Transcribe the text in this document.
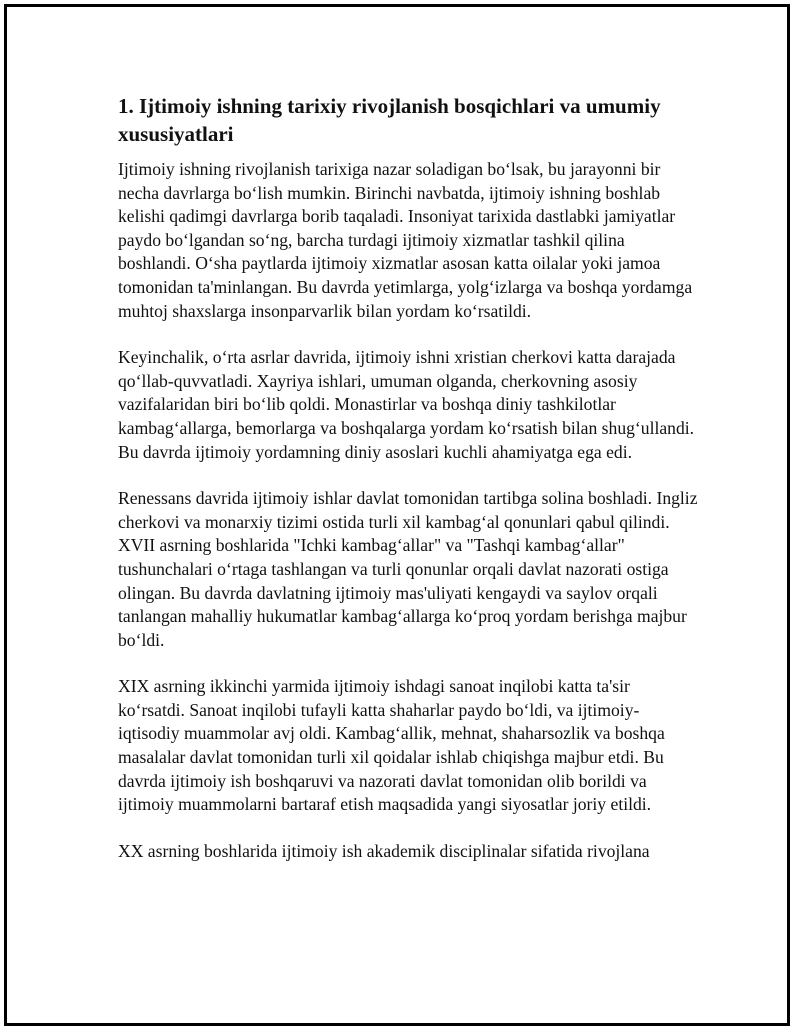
1. Ijtimoiy ishning tarixiy rivojlanish bosqichlari va umumiy xususiyatlari

Ijtimoiy ishning rivojlanish tarixiga nazar soladigan boʻlsak, bu jarayonni bir necha davrlarga boʻlish mumkin. Birinchi navbatda, ijtimoiy ishning boshlab kelishi qadimgi davrlarga borib taqaladi. Insoniyat tarixida dastlabki jamiyatlar paydo boʻlgandan soʻng, barcha turdagi ijtimoiy xizmatlar tashkil qilina boshlandi. Oʻsha paytlarda ijtimoiy xizmatlar asosan katta oilalar yoki jamoa tomonidan ta'minlangan. Bu davrda yetimlarga, yolgʻizlarga va boshqa yordamga muhtoj shaxslarga insonparvarlik bilan yordam koʻrsatildi.

Keyinchalik, oʻrta asrlar davrida, ijtimoiy ishni xristian cherkovi katta darajada qoʻllab-quvvatladi. Xayriya ishlari, umuman olganda, cherkovning asosiy vazifalaridan biri boʻlib qoldi. Monastirlar va boshqa diniy tashkilotlar kambagʻallarga, bemorlarga va boshqalarga yordam koʻrsatish bilan shugʻullandi. Bu davrda ijtimoiy yordamning diniy asoslari kuchli ahamiyatga ega edi.

Renessans davrida ijtimoiy ishlar davlat tomonidan tartibga solina boshladi. Ingliz cherkovi va monarxiy tizimi ostida turli xil kambagʻal qonunlari qabul qilindi. XVII asrning boshlarida "Ichki kambagʻallar" va "Tashqi kambagʻallar" tushunchalari oʻrtaga tashlangan va turli qonunlar orqali davlat nazorati ostiga olingan. Bu davrda davlatning ijtimoiy mas'uliyati kengaydi va saylov orqali tanlangan mahalliy hukumatlar kambagʻallarga koʻproq yordam berishga majbur boʻldi.

XIX asrning ikkinchi yarmida ijtimoiy ishdagi sanoat inqilobi katta ta'sir koʻrsatdi. Sanoat inqilobi tufayli katta shaharlar paydo boʻldi, va ijtimoiy-iqtisodiy muammolar avj oldi. Kambagʻallik, mehnat, shaharsozlik va boshqa masalalar davlat tomonidan turli xil qoidalar ishlab chiqishga majbur etdi. Bu davrda ijtimoiy ish boshqaruvi va nazorati davlat tomonidan olib borildi va ijtimoiy muammolarni bartaraf etish maqsadida yangi siyosatlar joriy etildi.

XX asrning boshlarida ijtimoiy ish akademik disciplinalar sifatida rivojlana
